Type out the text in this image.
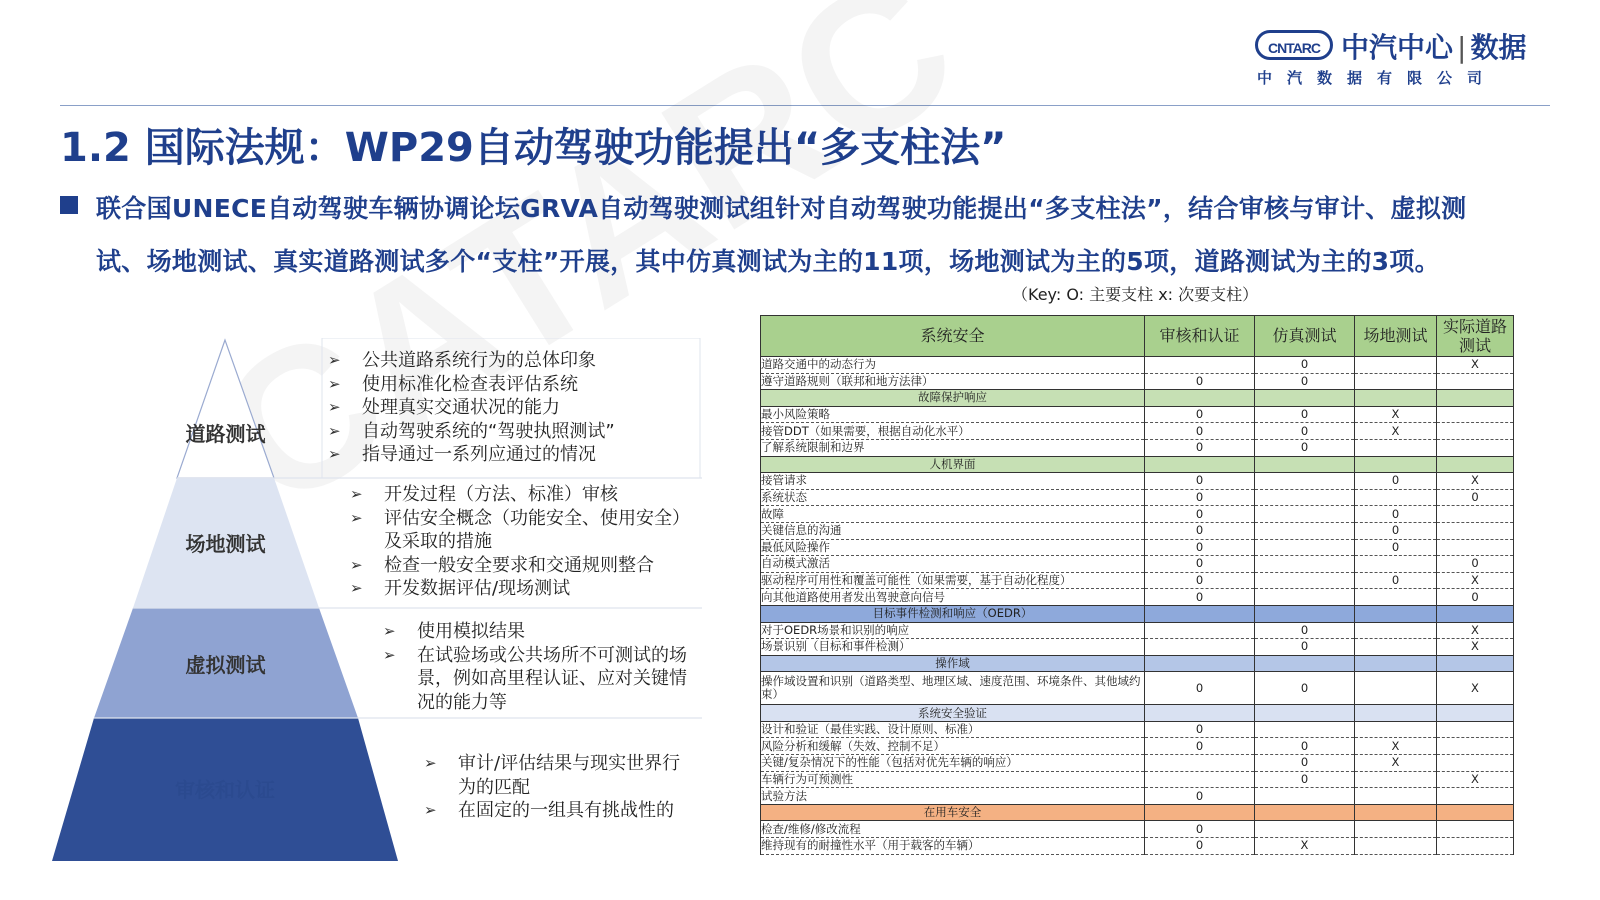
CNTARC 中汽中心 | 数据
中汽数据有限公司
1.2 国际法规：WP29自动驾驶功能提出“多支柱法”
联合国UNECE自动驾驶车辆协调论坛GRVA自动驾驶测试组针对自动驾驶功能提出“多支柱法”，结合审核与审计、虚拟测试、场地测试、真实道路测试多个“支柱”开展，其中仿真测试为主的11项，场地测试为主的5项，道路测试为主的3项。
（Key: O: 主要支柱 x: 次要支柱）
道路测试
场地测试
虚拟测试
审核和认证
➢ 公共道路系统行为的总体印象
➢ 使用标准化检查表评估系统
➢ 处理真实交通状况的能力
➢ 自动驾驶系统的“驾驶执照测试”
➢ 指导通过一系列应通过的情况
➢ 开发过程（方法、标准）审核
➢ 评估安全概念（功能安全、使用安全）及采取的措施
➢ 检查一般安全要求和交通规则整合
➢ 开发数据评估/现场测试
➢ 使用模拟结果
➢ 在试验场或公共场所不可测试的场景，例如高里程认证、应对关键情况的能力等
➢ 审计/评估结果与现实世界行为的匹配
➢ 在固定的一组具有挑战性的
系统安全	审核和认证	仿真测试	场地测试	实际道路测试
道路交通中的动态行为		0		X
遵守道路规则（联邦和地方法律）	0	0		
故障保护响应				
最小风险策略	0	0	X	
接管DDT（如果需要，根据自动化水平）	0	0	X	
了解系统限制和边界	0	0		
人机界面				
接管请求	0		0	X
系统状态	0			0
故障	0		0	
关键信息的沟通	0		0	
最低风险操作	0		0	
自动模式激活	0			0
驱动程序可用性和覆盖可能性（如果需要，基于自动化程度）	0		0	X
向其他道路使用者发出驾驶意向信号	0			0
目标事件检测和响应（OEDR）				
对于OEDR场景和识别的响应		0		X
场景识别（目标和事件检测）		0		X
操作域				
操作域设置和识别（道路类型、地理区域、速度范围、环境条件、其他域约束）	0	0		X
系统安全验证				
设计和验证（最佳实践、设计原则、标准）	0			
风险分析和缓解（失效、控制不足）	0	0	X	
关键/复杂情况下的性能（包括对优先车辆的响应）		0	X	
车辆行为可预测性		0		X
试验方法	0			
在用车安全				
检查/维修/修改流程	0			
维持现有的耐撞性水平（用于载客的车辆）	0	X		
